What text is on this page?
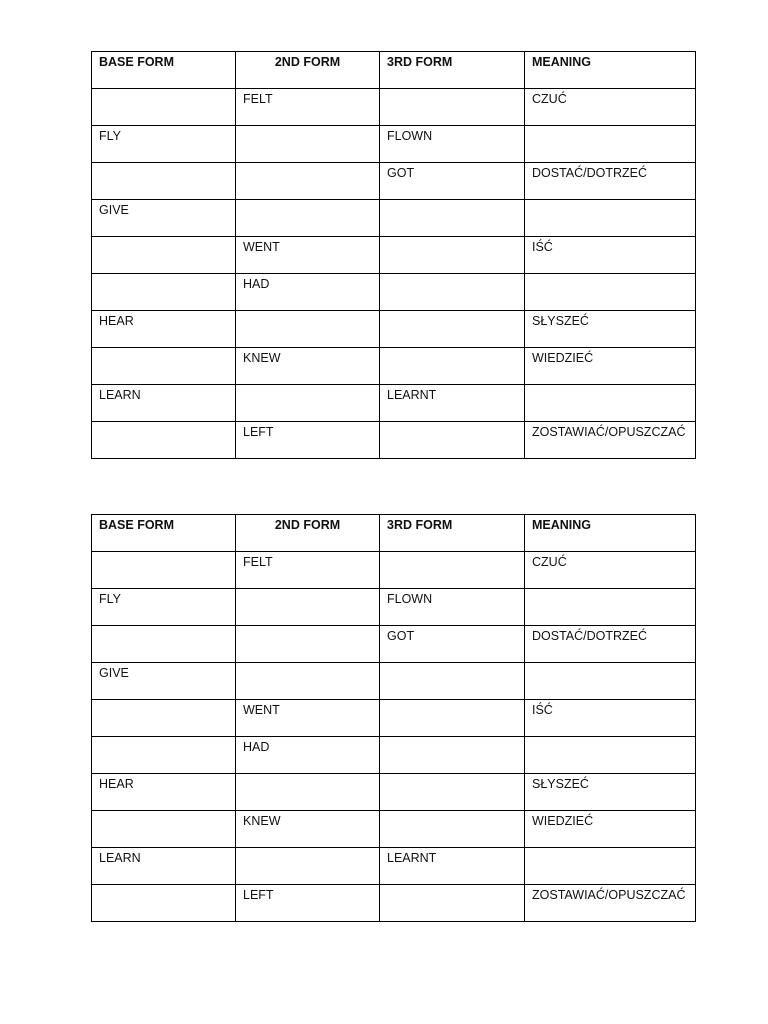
BASE FORM	2ND FORM	3RD FORM	MEANING

	FELT		CZUĆ

FLY		FLOWN	

		GOT	DOSTAĆ/DOTRZEĆ

GIVE			

	WENT		IŚĆ

	HAD		

HEAR			SŁYSZEĆ

	KNEW		WIEDZIEĆ

LEARN		LEARNT	

	LEFT		ZOSTAWIAĆ/OPUSZCZAĆ
BASE FORM	2ND FORM	3RD FORM	MEANING

	FELT		CZUĆ

FLY		FLOWN	

		GOT	DOSTAĆ/DOTRZEĆ

GIVE			

	WENT		IŚĆ

	HAD		

HEAR			SŁYSZEĆ

	KNEW		WIEDZIEĆ

LEARN		LEARNT	

	LEFT		ZOSTAWIAĆ/OPUSZCZAĆ
